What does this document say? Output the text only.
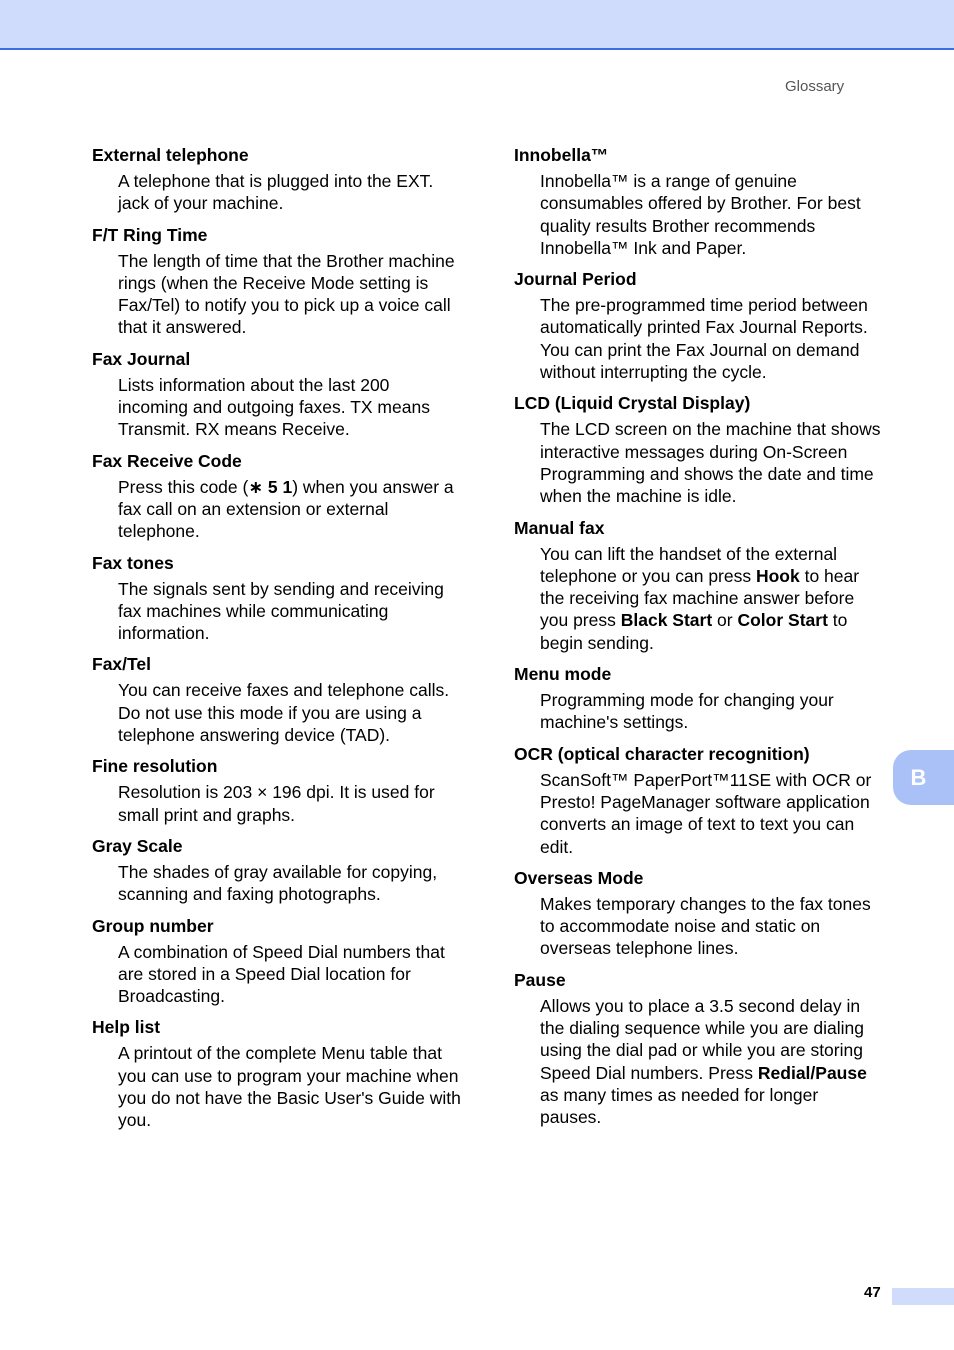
Glossary
External telephone
A telephone that is plugged into the EXT. jack of your machine.
F/T Ring Time
The length of time that the Brother machine rings (when the Receive Mode setting is Fax/Tel) to notify you to pick up a voice call that it answered.
Fax Journal
Lists information about the last 200 incoming and outgoing faxes. TX means Transmit. RX means Receive.
Fax Receive Code
Press this code (∗ 5 1) when you answer a fax call on an extension or external telephone.
Fax tones
The signals sent by sending and receiving fax machines while communicating information.
Fax/Tel
You can receive faxes and telephone calls. Do not use this mode if you are using a telephone answering device (TAD).
Fine resolution
Resolution is 203 × 196 dpi. It is used for small print and graphs.
Gray Scale
The shades of gray available for copying, scanning and faxing photographs.
Group number
A combination of Speed Dial numbers that are stored in a Speed Dial location for Broadcasting.
Help list
A printout of the complete Menu table that you can use to program your machine when you do not have the Basic User's Guide with you.
Innobella™
Innobella™ is a range of genuine consumables offered by Brother. For best quality results Brother recommends Innobella™ Ink and Paper.
Journal Period
The pre-programmed time period between automatically printed Fax Journal Reports. You can print the Fax Journal on demand without interrupting the cycle.
LCD (Liquid Crystal Display)
The LCD screen on the machine that shows interactive messages during On-Screen Programming and shows the date and time when the machine is idle.
Manual fax
You can lift the handset of the external telephone or you can press Hook to hear the receiving fax machine answer before you press Black Start or Color Start to begin sending.
Menu mode
Programming mode for changing your machine's settings.
OCR (optical character recognition)
ScanSoft™ PaperPort™11SE with OCR or Presto! PageManager software application converts an image of text to text you can edit.
Overseas Mode
Makes temporary changes to the fax tones to accommodate noise and static on overseas telephone lines.
Pause
Allows you to place a 3.5 second delay in the dialing sequence while you are dialing using the dial pad or while you are storing Speed Dial numbers. Press Redial/Pause as many times as needed for longer pauses.
B
47
